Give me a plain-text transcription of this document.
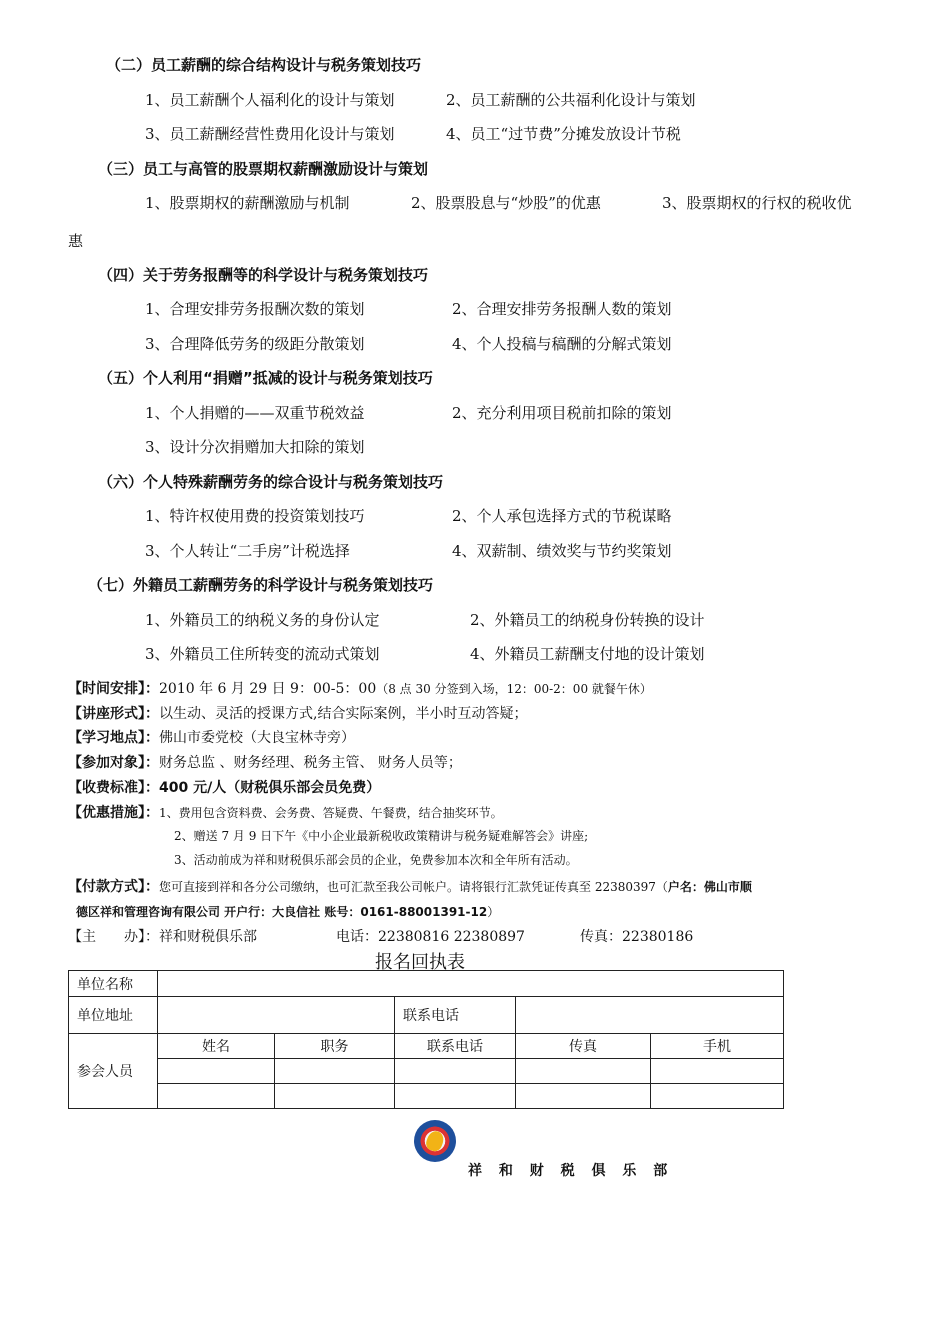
（二）员工薪酬的综合结构设计与税务策划技巧
1、员工薪酬个人福利化的设计与策划	2、员工薪酬的公共福利化设计与策划
3、员工薪酬经营性费用化设计与策划	4、员工“过节费”分摊发放设计节税
（三）员工与高管的股票期权薪酬激励设计与策划
1、股票期权的薪酬激励与机制	2、股票股息与“炒股”的优惠	3、股票期权的行权的税收优
惠
（四）关于劳务报酬等的科学设计与税务策划技巧
1、合理安排劳务报酬次数的策划	2、合理安排劳务报酬人数的策划
3、合理降低劳务的级距分散策划	4、个人投稿与稿酬的分解式策划
（五）个人利用“捐赠”抵减的设计与税务策划技巧
1、个人捐赠的——双重节税效益	2、充分利用项目税前扣除的策划
3、设计分次捐赠加大扣除的策划
（六）个人特殊薪酬劳务的综合设计与税务策划技巧
1、特许权使用费的投资策划技巧	2、个人承包选择方式的节税谋略
3、个人转让“二手房”计税选择	4、双薪制、绩效奖与节约奖策划
（七）外籍员工薪酬劳务的科学设计与税务策划技巧
1、外籍员工的纳税义务的身份认定	2、外籍员工的纳税身份转换的设计
3、外籍员工住所转变的流动式策划	4、外籍员工薪酬支付地的设计策划
【时间安排】：2010 年 6 月 29 日 9：00-5：00（8 点 30 分签到入场，12：00-2：00 就餐午休）
【讲座形式】：以生动、灵活的授课方式,结合实际案例，半小时互动答疑；
【学习地点】：佛山市委党校（大良宝林寺旁）
【参加对象】：财务总监 、财务经理、税务主管、 财务人员等；
【收费标准】：400 元/人（财税俱乐部会员免费）
【优惠措施】：1、费用包含资料费、会务费、答疑费、午餐费，结合抽奖环节。
2、赠送 7 月 9 日下午《中小企业最新税收政策精讲与税务疑难解答会》讲座;
3、活动前成为祥和财税俱乐部会员的企业，免费参加本次和全年所有活动。
【付款方式】：您可直接到祥和各分公司缴纳，也可汇款至我公司帐户。请将银行汇款凭证传真至 22380397（户名：佛山市顺
德区祥和管理咨询有限公司 开户行：大良信社 账号：0161-88001391-12）
【主　　办】：祥和财税俱乐部	电话：22380816 22380897	传真：22380186
报名回执表
单位名称					
单位地址			联系电话		
参会人员	姓名	职务	联系电话	传真	手机

祥 和 财 税 俱 乐 部
